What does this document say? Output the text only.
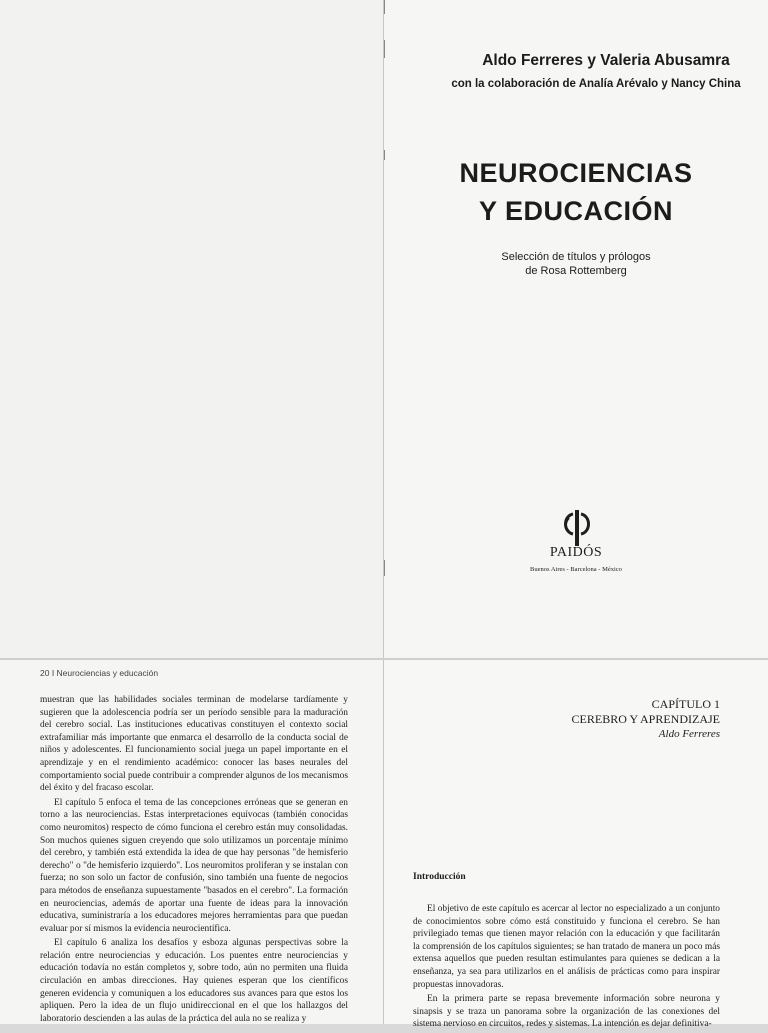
Aldo Ferreres y Valeria Abusamra
con la colaboración de Analía Arévalo y Nancy China
NEUROCIENCIAS
Y EDUCACIÓN
Selección de títulos y prólogos
de Rosa Rottemberg
PAIDÓS
Buenos Aires - Barcelona - México
20 I Neurociencias y educación

muestran que las habilidades sociales terminan de modelarse tardíamente y sugieren que la adolescencia podría ser un período sensible para la maduración del cerebro social. Las instituciones educativas constituyen el contexto social extrafamiliar más importante que enmarca el desarrollo de la conducta social de niños y adolescentes. El funcionamiento social juega un papel importante en el aprendizaje y en el rendimiento académico: conocer las bases neurales del comportamiento social puede contribuir a comprender algunos de los mecanismos del éxito y del fracaso escolar.

El capítulo 5 enfoca el tema de las concepciones erróneas que se generan en torno a las neurociencias. Estas interpretaciones equívocas (también conocidas como neuromitos) respecto de cómo funciona el cerebro están muy consolidadas. Son muchos quienes siguen creyendo que solo utilizamos un porcentaje mínimo del cerebro, y también está extendida la idea de que hay personas "de hemisferio derecho" o "de hemisferio izquierdo". Los neuromitos proliferan y se instalan con fuerza; no son solo un factor de confusión, sino también una fuente de negocios para métodos de enseñanza supuestamente "basados en el cerebro". La formación en neurociencias, además de aportar una fuente de ideas para la innovación educativa, suministraría a los educadores mejores herramientas para que puedan evaluar por sí mismos la evidencia neurocientífica.

El capítulo 6 analiza los desafíos y esboza algunas perspectivas sobre la relación entre neurociencias y educación. Los puentes entre neurociencias y educación todavía no están completos y, sobre todo, aún no permiten una fluida circulación en ambas direcciones. Hay quienes esperan que los científicos generen evidencia y comuniquen a los educadores sus avances para que estos los apliquen. Pero la idea de un flujo unidireccional en el que los hallazgos del laboratorio descienden a las aulas de la práctica del aula no se realiza y

CAPÍTULO 1
CEREBRO Y APRENDIZAJE
Aldo Ferreres
Introducción

El objetivo de este capítulo es acercar al lector no especializado a un conjunto de conocimientos sobre cómo está constituido y funciona el cerebro. Se han privilegiado temas que tienen mayor relación con la educación y que facilitarán la comprensión de los capítulos siguientes; se han tratado de manera un poco más extensa aquellos que pueden resultan estimulantes para quienes se dedican a la enseñanza, ya sea para utilizarlos en el análisis de prácticas como para inspirar propuestas innovadoras.

En la primera parte se repasa brevemente información sobre neurona y sinapsis y se traza un panorama sobre la organización de las conexiones del sistema nervioso en circuitos, redes y sistemas. La intención es dejar definitiva-
